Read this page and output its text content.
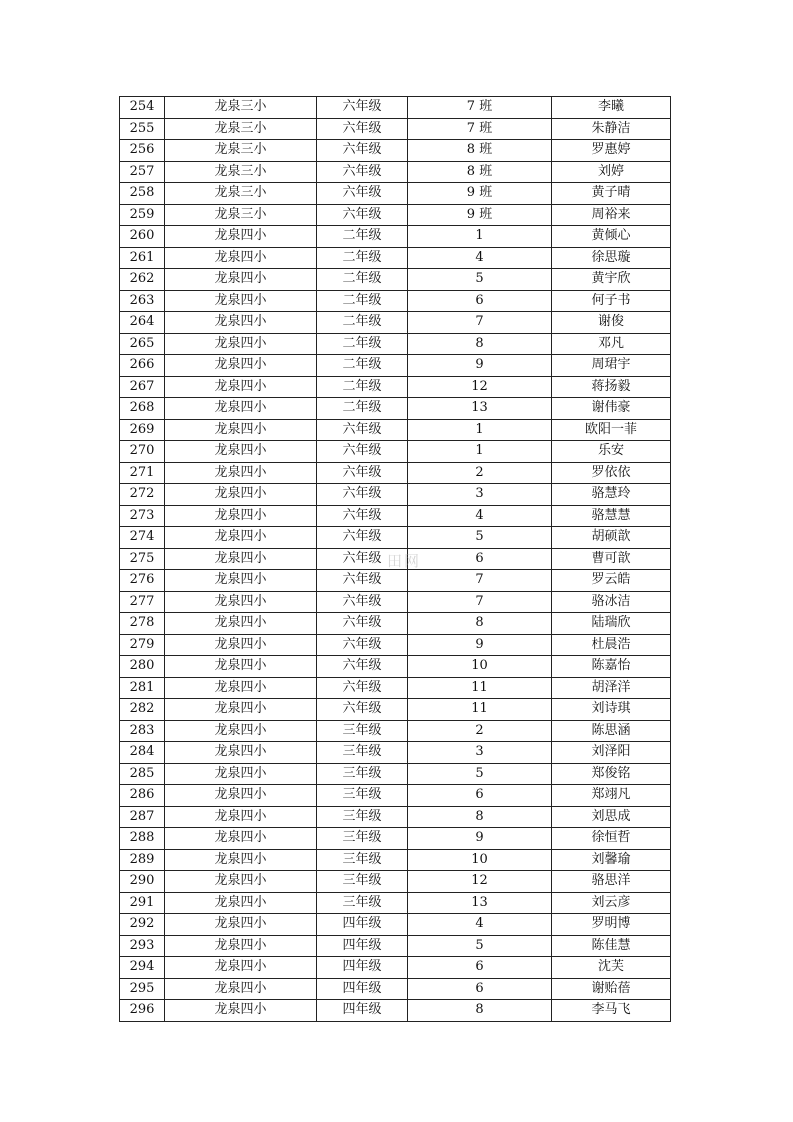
254	龙泉三小	六年级	7 班	李曦
255	龙泉三小	六年级	7 班	朱静洁
256	龙泉三小	六年级	8 班	罗惠婷
257	龙泉三小	六年级	8 班	刘婷
258	龙泉三小	六年级	9 班	黄子晴
259	龙泉三小	六年级	9 班	周裕来
260	龙泉四小	二年级	1	黄倾心
261	龙泉四小	二年级	4	徐思璇
262	龙泉四小	二年级	5	黄宇欣
263	龙泉四小	二年级	6	何子书
264	龙泉四小	二年级	7	谢俊
265	龙泉四小	二年级	8	邓凡
266	龙泉四小	二年级	9	周珺宇
267	龙泉四小	二年级	12	蒋扬毅
268	龙泉四小	二年级	13	谢伟豪
269	龙泉四小	六年级	1	欧阳一菲
270	龙泉四小	六年级	1	乐安
271	龙泉四小	六年级	2	罗依依
272	龙泉四小	六年级	3	骆慧玲
273	龙泉四小	六年级	4	骆慧慧
274	龙泉四小	六年级	5	胡硕歆
275	龙泉四小	六年级	6	曹可歆
276	龙泉四小	六年级	7	罗云皓
277	龙泉四小	六年级	7	骆冰洁
278	龙泉四小	六年级	8	陆瑞欣
279	龙泉四小	六年级	9	杜晨浩
280	龙泉四小	六年级	10	陈嘉怡
281	龙泉四小	六年级	11	胡泽洋
282	龙泉四小	六年级	11	刘诗琪
283	龙泉四小	三年级	2	陈思涵
284	龙泉四小	三年级	3	刘泽阳
285	龙泉四小	三年级	5	郑俊铭
286	龙泉四小	三年级	6	郑翊凡
287	龙泉四小	三年级	8	刘思成
288	龙泉四小	三年级	9	徐恒哲
289	龙泉四小	三年级	10	刘馨瑜
290	龙泉四小	三年级	12	骆思洋
291	龙泉四小	三年级	13	刘云彦
292	龙泉四小	四年级	4	罗明博
293	龙泉四小	四年级	5	陈佳慧
294	龙泉四小	四年级	6	沈芙
295	龙泉四小	四年级	6	谢贻蓓
296	龙泉四小	四年级	8	李马飞
田网
